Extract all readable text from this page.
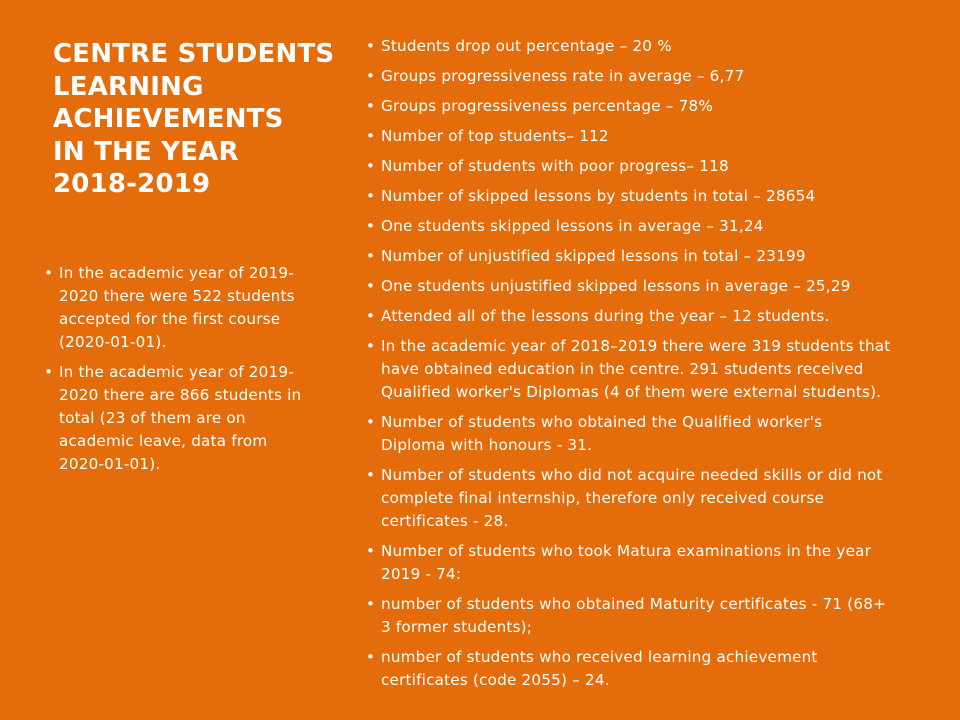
CENTRE STUDENTS
LEARNING
ACHIEVEMENTS
IN THE YEAR
2018-2019
• In the academic year of 2019-
2020 there were 522 students
accepted for the first course
(2020-01-01).
• In the academic year of 2019-
2020 there are 866 students in
total (23 of them are on
academic leave, data from
2020-01-01).
• Students drop out percentage – 20 %
• Groups progressiveness rate in average – 6,77
• Groups progressiveness percentage – 78%
• Number of top students– 112
• Number of students with poor progress– 118
• Number of skipped lessons by students in total – 28654
• One students skipped lessons in average – 31,24
• Number of unjustified skipped lessons in total – 23199
• One students unjustified skipped lessons in average – 25,29
• Attended all of the lessons during the year – 12 students.
• In the academic year of 2018–2019 there were 319 students that
have obtained education in the centre. 291 students received
Qualified worker's Diplomas (4 of them were external students).
• Number of students who obtained the Qualified worker's
Diploma with honours - 31.
• Number of students who did not acquire needed skills or did not
complete final internship, therefore only received course
certificates - 28.
• Number of students who took Matura examinations in the year
2019 - 74:
• number of students who obtained Maturity certificates - 71 (68+
3 former students);
• number of students who received learning achievement
certificates (code 2055) – 24.
